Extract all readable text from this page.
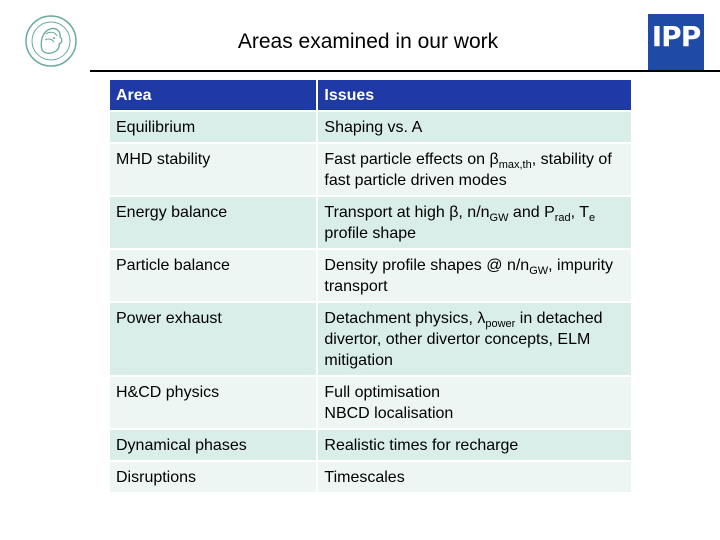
Areas examined in our work	IPP
Area	Issues
Equilibrium	Shaping vs. A
MHD stability	Fast particle effects on $\beta_{max,th}$, stability of fast particle driven modes
Energy balance	Transport at high β, $n/n_{GW}$ and $P_{rad}$, $T_e$ profile shape
Particle balance	Density profile shapes @ $n/n_{GW}$, impurity transport
Power exhaust	Detachment physics, $\lambda_{power}$ in detached divertor, other divertor concepts, ELM mitigation
H&CD physics	Full optimisation
NBCD localisation
Dynamical phases	Realistic times for recharge
Disruptions	Timescales
